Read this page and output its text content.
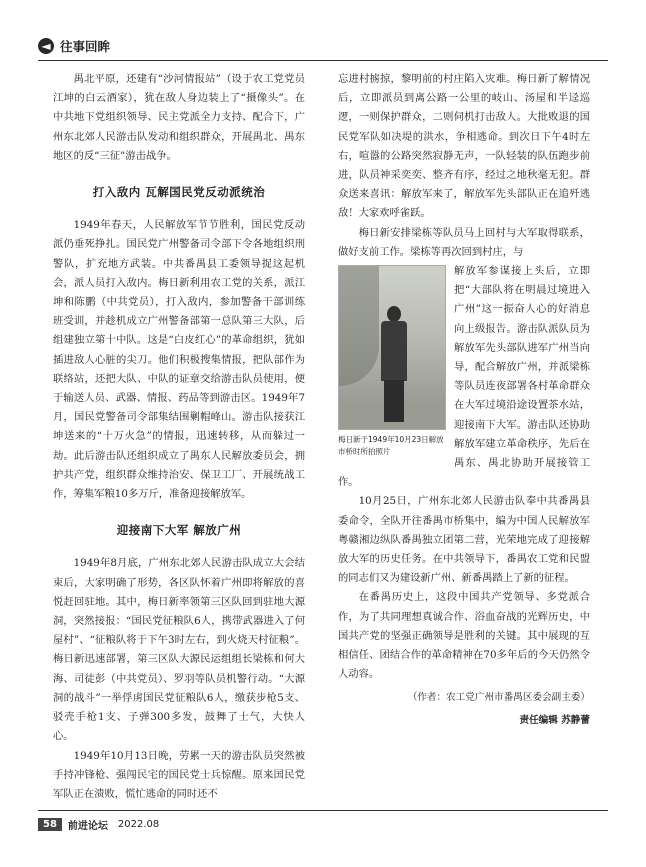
◄ 往事回眸

禺北平原，还建有“沙河情报站”（设于农工党党员江坤的白云酒家），犹在敌人身边装上了“摄像头”。在中共地下党组织领导、民主党派全力支持、配合下，广州东北郊人民游击队发动和组织群众，开展禺北、禺东地区的反“三征”游击战争。

打入敌内 瓦解国民党反动派统治

1949年春天，人民解放军节节胜利，国民党反动派仍垂死挣扎。国民党广州警备司令部下令各地组织刑警队，扩充地方武装。中共番禺县工委领导捉这起机会，派人员打入敌内。梅日新利用农工党的关系，派江坤和陈鹏（中共党员），打入敌内，参加警备干部训练班受训，并趁机成立广州警备部第一总队第三大队，后组建独立第十中队。这是“白皮红心”的革命组织，犹如插进敌人心脏的尖刀。他们积极搜集情报，把队部作为联络站，还把大队、中队的证章交给游击队员使用，便于输送人员、武器、情报、药品等到游击区。1949年7月，国民党警备司令部集结围剿帽峰山。游击队接获江坤送来的“十万火急”的情报，迅速转移，从而躲过一劫。此后游击队还组织成立了禺东人民解放委员会，拥护共产党，组织群众维持治安、保卫工厂、开展统战工作，筹集军粮10多万斤，准备迎接解放军。

迎接南下大军 解放广州

1949年8月底，广州东北郊人民游击队成立大会结束后，大家明确了形势，各区队怀着广州即将解放的喜悦赶回驻地。其中，梅日新率领第三区队回到驻地大源洞，突然接报：“国民党征粮队6人，携带武器进入了何屋村”、“征粮队将于下午3时左右，到火烧天村征粮”。梅日新迅速部署，第三区队大源民运组组长梁栋和何大海、司徒彭（中共党员）、罗羽等队员机警行动。“大源洞的战斗”一举俘虏国民党征粮队6人，缴获步枪5支、驳壳手枪1支、子弹300多发，鼓舞了士气，大快人心。

1949年10月13日晚，劳累一天的游击队员突然被手持冲锋枪、强闯民宅的国民党士兵惊醒。原来国民党军队正在溃败，慌忙逃命的同时还不

忘进村掳掠，黎明前的村庄陷入灾难。梅日新了解情况后，立即派员到离公路一公里的岐山、汤屋和半迳巡逻，一则保护群众，二则伺机打击敌人。大批败退的国民党军队如决堤的洪水，争相逃命。到次日下午4时左右，喧嚣的公路突然寂静无声，一队轻装的队伍跑步前进，队员神采奕奕、整齐有序，经过之地秋毫无犯。群众送来喜讯：解放军来了，解放军先头部队正在追歼逃敌！大家欢呼雀跃。

梅日新安排梁栋等队员马上回村与大军取得联系，做好支前工作。梁栋等再次回到村庄，与

梅日新于1949年10月23日解放市桥时所拍照片

解放军参谋接上头后，立即把“大部队将在明晨过境进入广州”这一振奋人心的好消息向上级报告。游击队派队员为解放军先头部队进军广州当向导，配合解放广州，并派梁栋等队员连夜部署各村革命群众在大军过境沿途设置茶水站，迎接南下大军。游击队还协助解放军建立革命秩序，先后在禺东、禺北协助开展接管工作。

10月25日，广州东北郊人民游击队奉中共番禺县委命令，全队开往番禺市桥集中，编为中国人民解放军粤赣湘边纵队番禺独立团第二营，光荣地完成了迎接解放大军的历史任务。在中共领导下，番禺农工党和民盟的同志们又为建设新广州、新番禺踏上了新的征程。

在番禺历史上，这段中国共产党领导、多党派合作，为了共同理想真诚合作、浴血奋战的光辉历史，中国共产党的坚强正确领导是胜利的关键。其中展现的互相信任、团结合作的革命精神在70多年后的今天仍然令人动容。

（作者：农工党广州市番禺区委会副主委）
责任编辑 苏静蕾
58	前进论坛 2022.08
